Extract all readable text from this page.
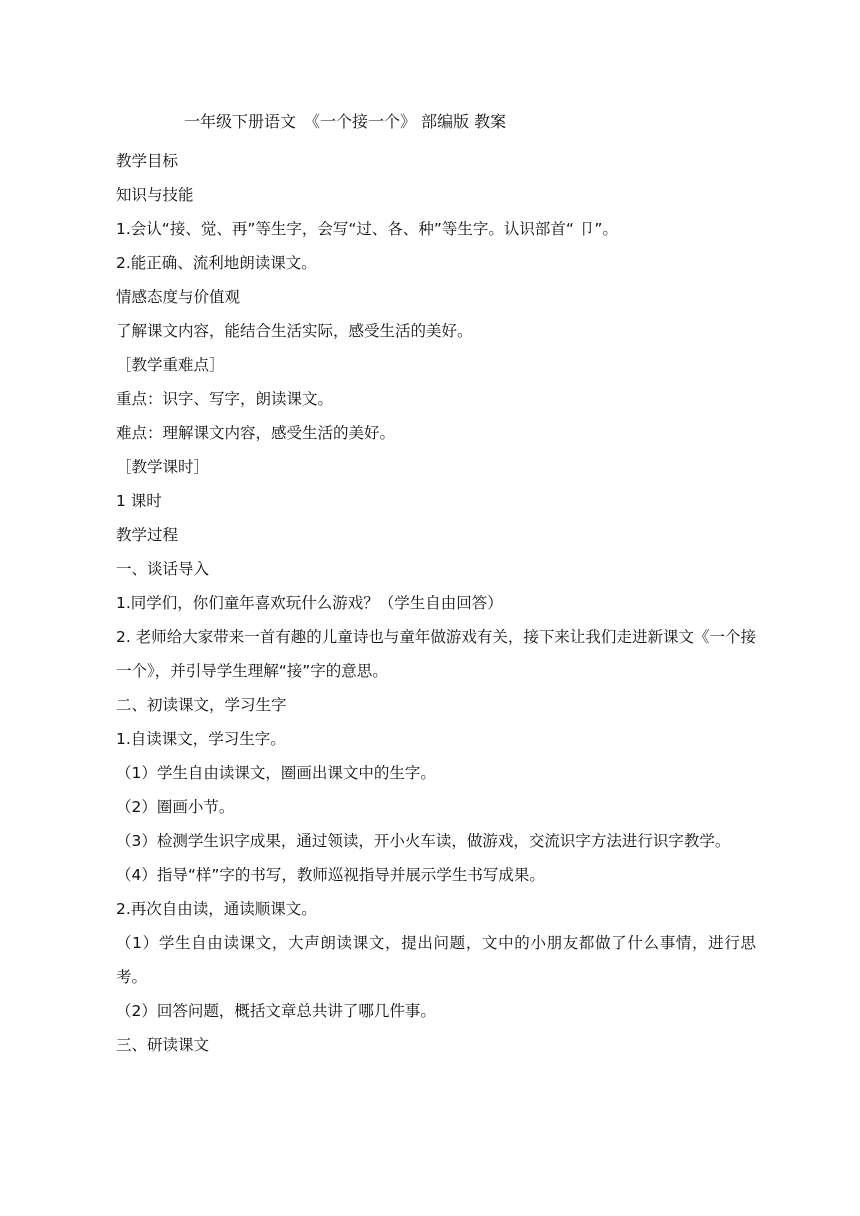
一年级下册语文　《一个接一个》 部编版 教案
教学目标
知识与技能
1.会认“接、觉、再”等生字，会写“过、各、种”等生字。认识部首“ 卩”。
2.能正确、流利地朗读课文。
情感态度与价值观
了解课文内容，能结合生活实际，感受生活的美好。
［教学重难点］
重点：识字、写字，朗读课文。
难点：理解课文内容，感受生活的美好。
［教学课时］
1 课时
教学过程
一、谈话导入
1.同学们，你们童年喜欢玩什么游戏？（学生自由回答）
2. 老师给大家带来一首有趣的儿童诗也与童年做游戏有关，接下来让我们走进新课文《一个接一个》，并引导学生理解“接”字的意思。
二、初读课文，学习生字
1.自读课文，学习生字。
（1）学生自由读课文，圈画出课文中的生字。
（2）圈画小节。
（3）检测学生识字成果，通过领读，开小火车读，做游戏，交流识字方法进行识字教学。
（4）指导“样”字的书写，教师巡视指导并展示学生书写成果。
2.再次自由读，通读顺课文。
（1）学生自由读课文，大声朗读课文，提出问题，文中的小朋友都做了什么事情，进行思考。
（2）回答问题，概括文章总共讲了哪几件事。
三、研读课文
